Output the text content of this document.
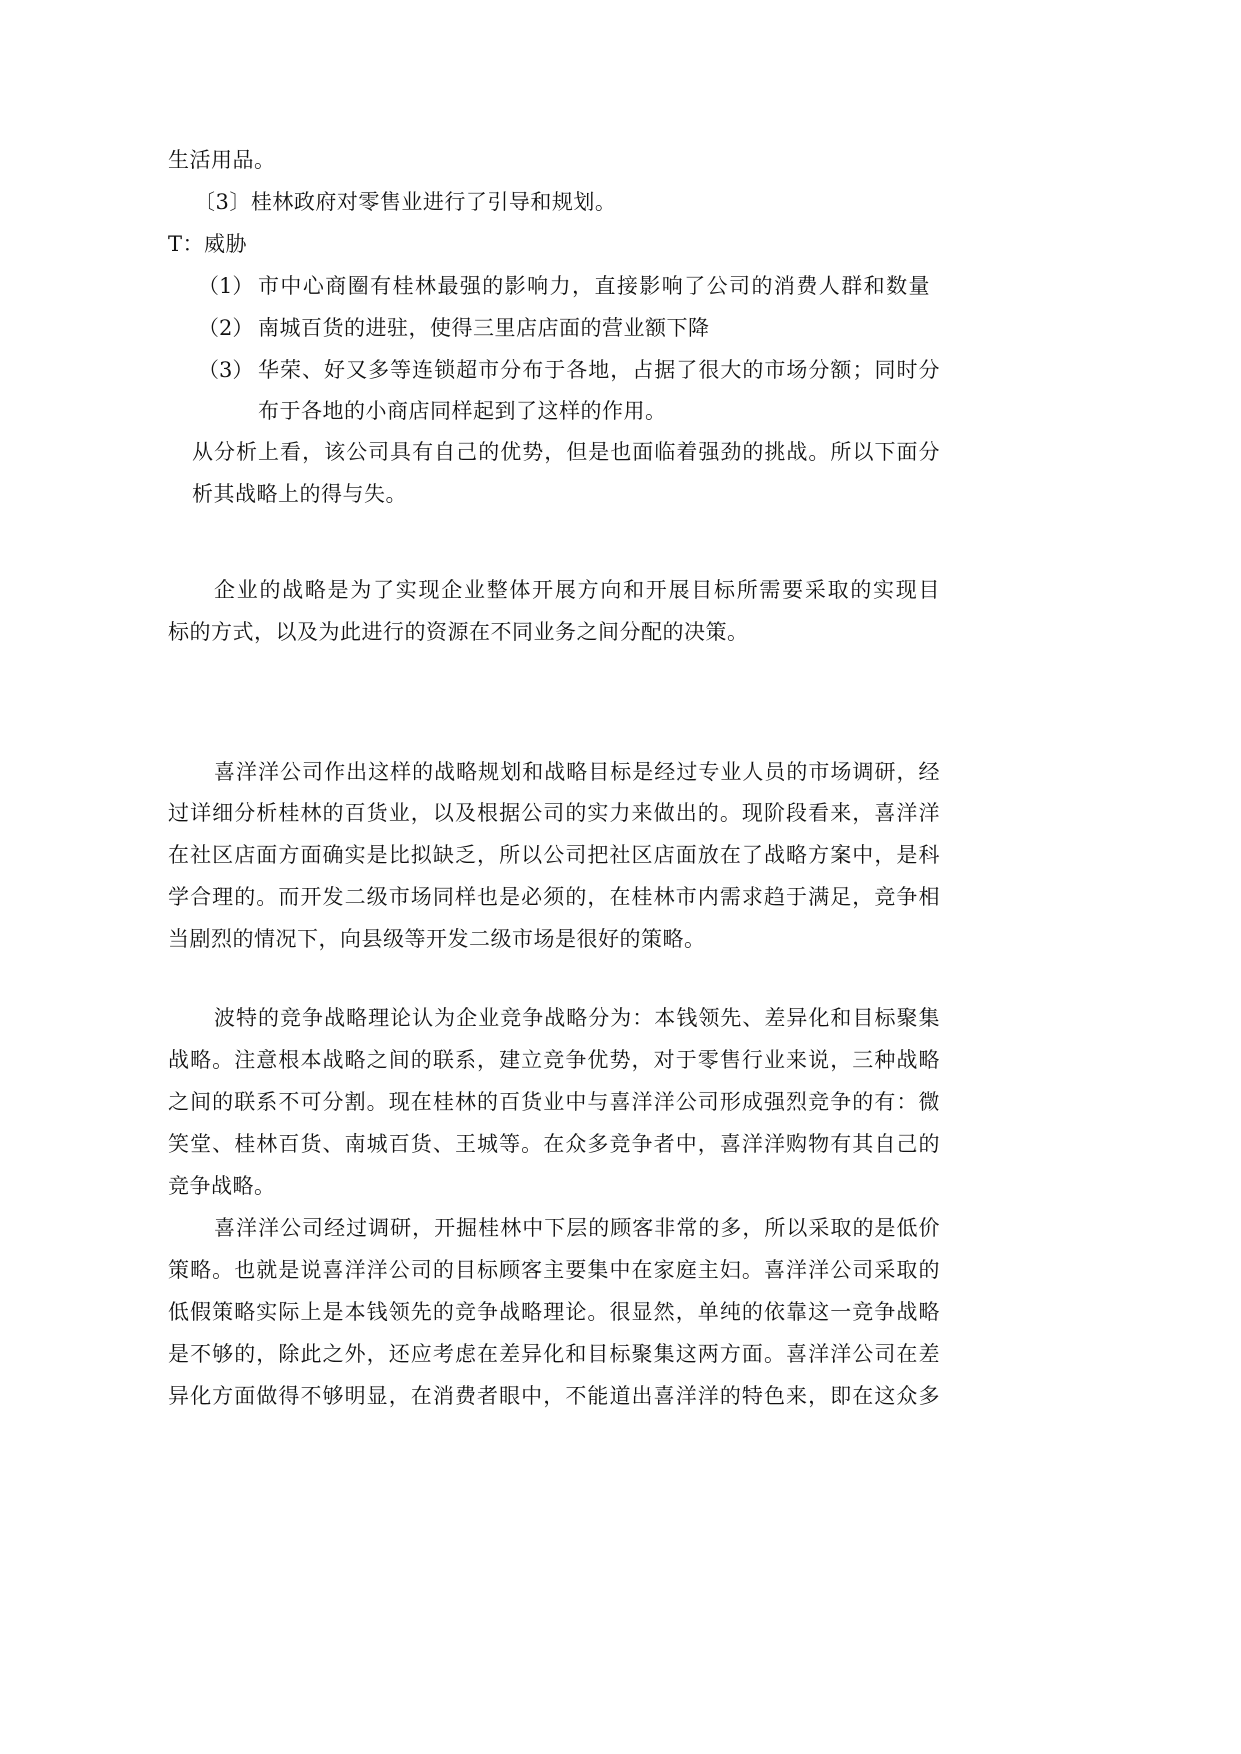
生活用品。
〔3〕桂林政府对零售业进行了引导和规划。
T：威胁
（1） 市中心商圈有桂林最强的影响力，直接影响了公司的消费人群和数量
（2） 南城百货的进驻，使得三里店店面的营业额下降
（3） 华荣、好又多等连锁超市分布于各地，占据了很大的市场分额；同时分
布于各地的小商店同样起到了这样的作用。
从分析上看，该公司具有自己的优势，但是也面临着强劲的挑战。所以下面分
析其战略上的得与失。
企业的战略是为了实现企业整体开展方向和开展目标所需要采取的实现目
标的方式，以及为此进行的资源在不同业务之间分配的决策。
喜洋洋公司作出这样的战略规划和战略目标是经过专业人员的市场调研，经
过详细分析桂林的百货业，以及根据公司的实力来做出的。现阶段看来，喜洋洋
在社区店面方面确实是比拟缺乏，所以公司把社区店面放在了战略方案中，是科
学合理的。而开发二级市场同样也是必须的，在桂林市内需求趋于满足，竞争相
当剧烈的情况下，向县级等开发二级市场是很好的策略。
波特的竞争战略理论认为企业竞争战略分为：本钱领先、差异化和目标聚集
战略。注意根本战略之间的联系，建立竞争优势，对于零售行业来说，三种战略
之间的联系不可分割。现在桂林的百货业中与喜洋洋公司形成强烈竞争的有：微
笑堂、桂林百货、南城百货、王城等。在众多竞争者中，喜洋洋购物有其自己的
竞争战略。
喜洋洋公司经过调研，开掘桂林中下层的顾客非常的多，所以采取的是低价
策略。也就是说喜洋洋公司的目标顾客主要集中在家庭主妇。喜洋洋公司采取的
低假策略实际上是本钱领先的竞争战略理论。很显然，单纯的依靠这一竞争战略
是不够的，除此之外，还应考虑在差异化和目标聚集这两方面。喜洋洋公司在差
异化方面做得不够明显，在消费者眼中，不能道出喜洋洋的特色来，即在这众多
